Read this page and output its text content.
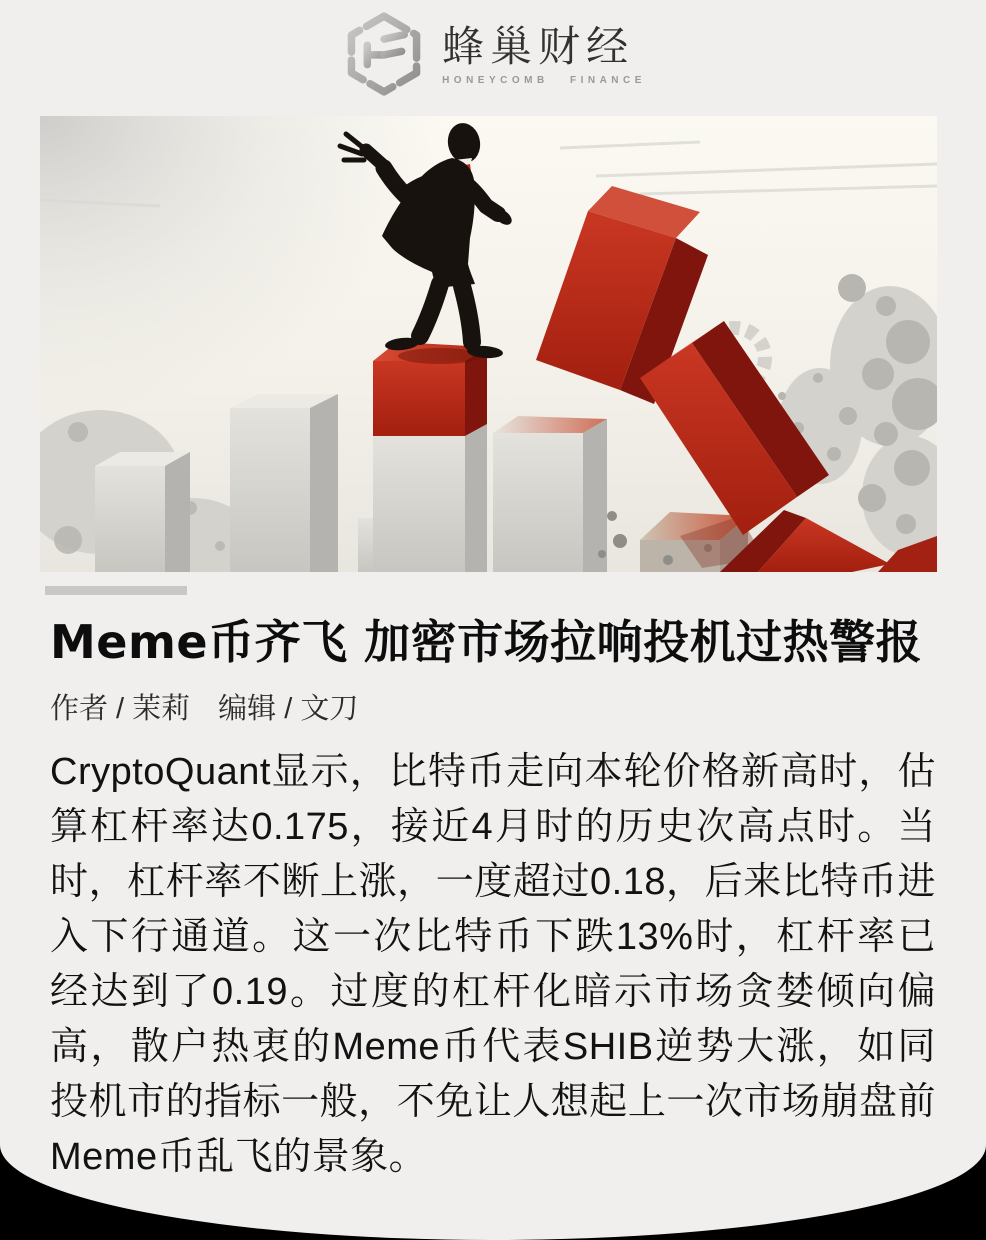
蜂巢财经
HONEYCOMB FINANCE
Meme币齐飞 加密市场拉响投机过热警报
作者 / 茉莉 编辑 / 文刀

CryptoQuant显示，比特币走向本轮价格新高时，估算杠杆率达0.175，接近4月时的历史次高点时。当时，杠杆率不断上涨，一度超过0.18，后来比特币进入下行通道。这一次比特币下跌13%时，杠杆率已经达到了0.19。过度的杠杆化暗示市场贪婪倾向偏高，散户热衷的Meme币代表SHIB逆势大涨，如同投机市的指标一般，不免让人想起上一次市场崩盘前Meme币乱飞的景象。
